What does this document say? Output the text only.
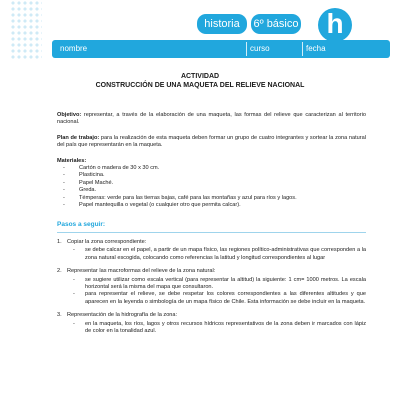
historia	6º básico h
nombre	curso	fecha
ACTIVIDAD
CONSTRUCCIÓN DE UNA MAQUETA DEL RELIEVE NACIONAL

Objetivo: representar, a través de la elaboración de una maqueta, las formas del relieve que caracterizan al territorio nacional.

Plan de trabajo: para la realización de esta maqueta deben formar un grupo de cuatro integrantes y sortear la zona natural del país que representarán en la maqueta.

Materiales:
- Cartón o madera de 30 x 30 cm.
- Plasticina.
- Papel Maché.
- Greda.
- Témperas: verde para las tierras bajas, café para las montañas y azul para ríos y lagos.
- Papel mantequilla o vegetal (o cualquier otro que permita calcar).
Pasos a seguir:
1. Copiar la zona correspondiente:
- se debe calcar en el papel, a partir de un mapa físico, las regiones político-administrativas que corresponden a la zona natural escogida, colocando como referencias la latitud y longitud correspondientes al lugar
2. Representar las macroformas del relieve de la zona natural:
- se sugiere utilizar como escala vertical (para representar la altitud) la siguiente: 1 cm= 1000 metros. La escala horizontal será la misma del mapa que consultaron.
- para representar el relieve, se debe respetar los colores correspondientes a las diferentes altitudes y que aparecen en la leyenda o simbología de un mapa físico de Chile. Esta información se debe incluir en la maqueta.
3. Representación de la hidrografía de la zona:
- en la maqueta, los ríos, lagos y otros recursos hídricos representativos de la zona deben ir marcados con lápiz de color en la tonalidad azul.
